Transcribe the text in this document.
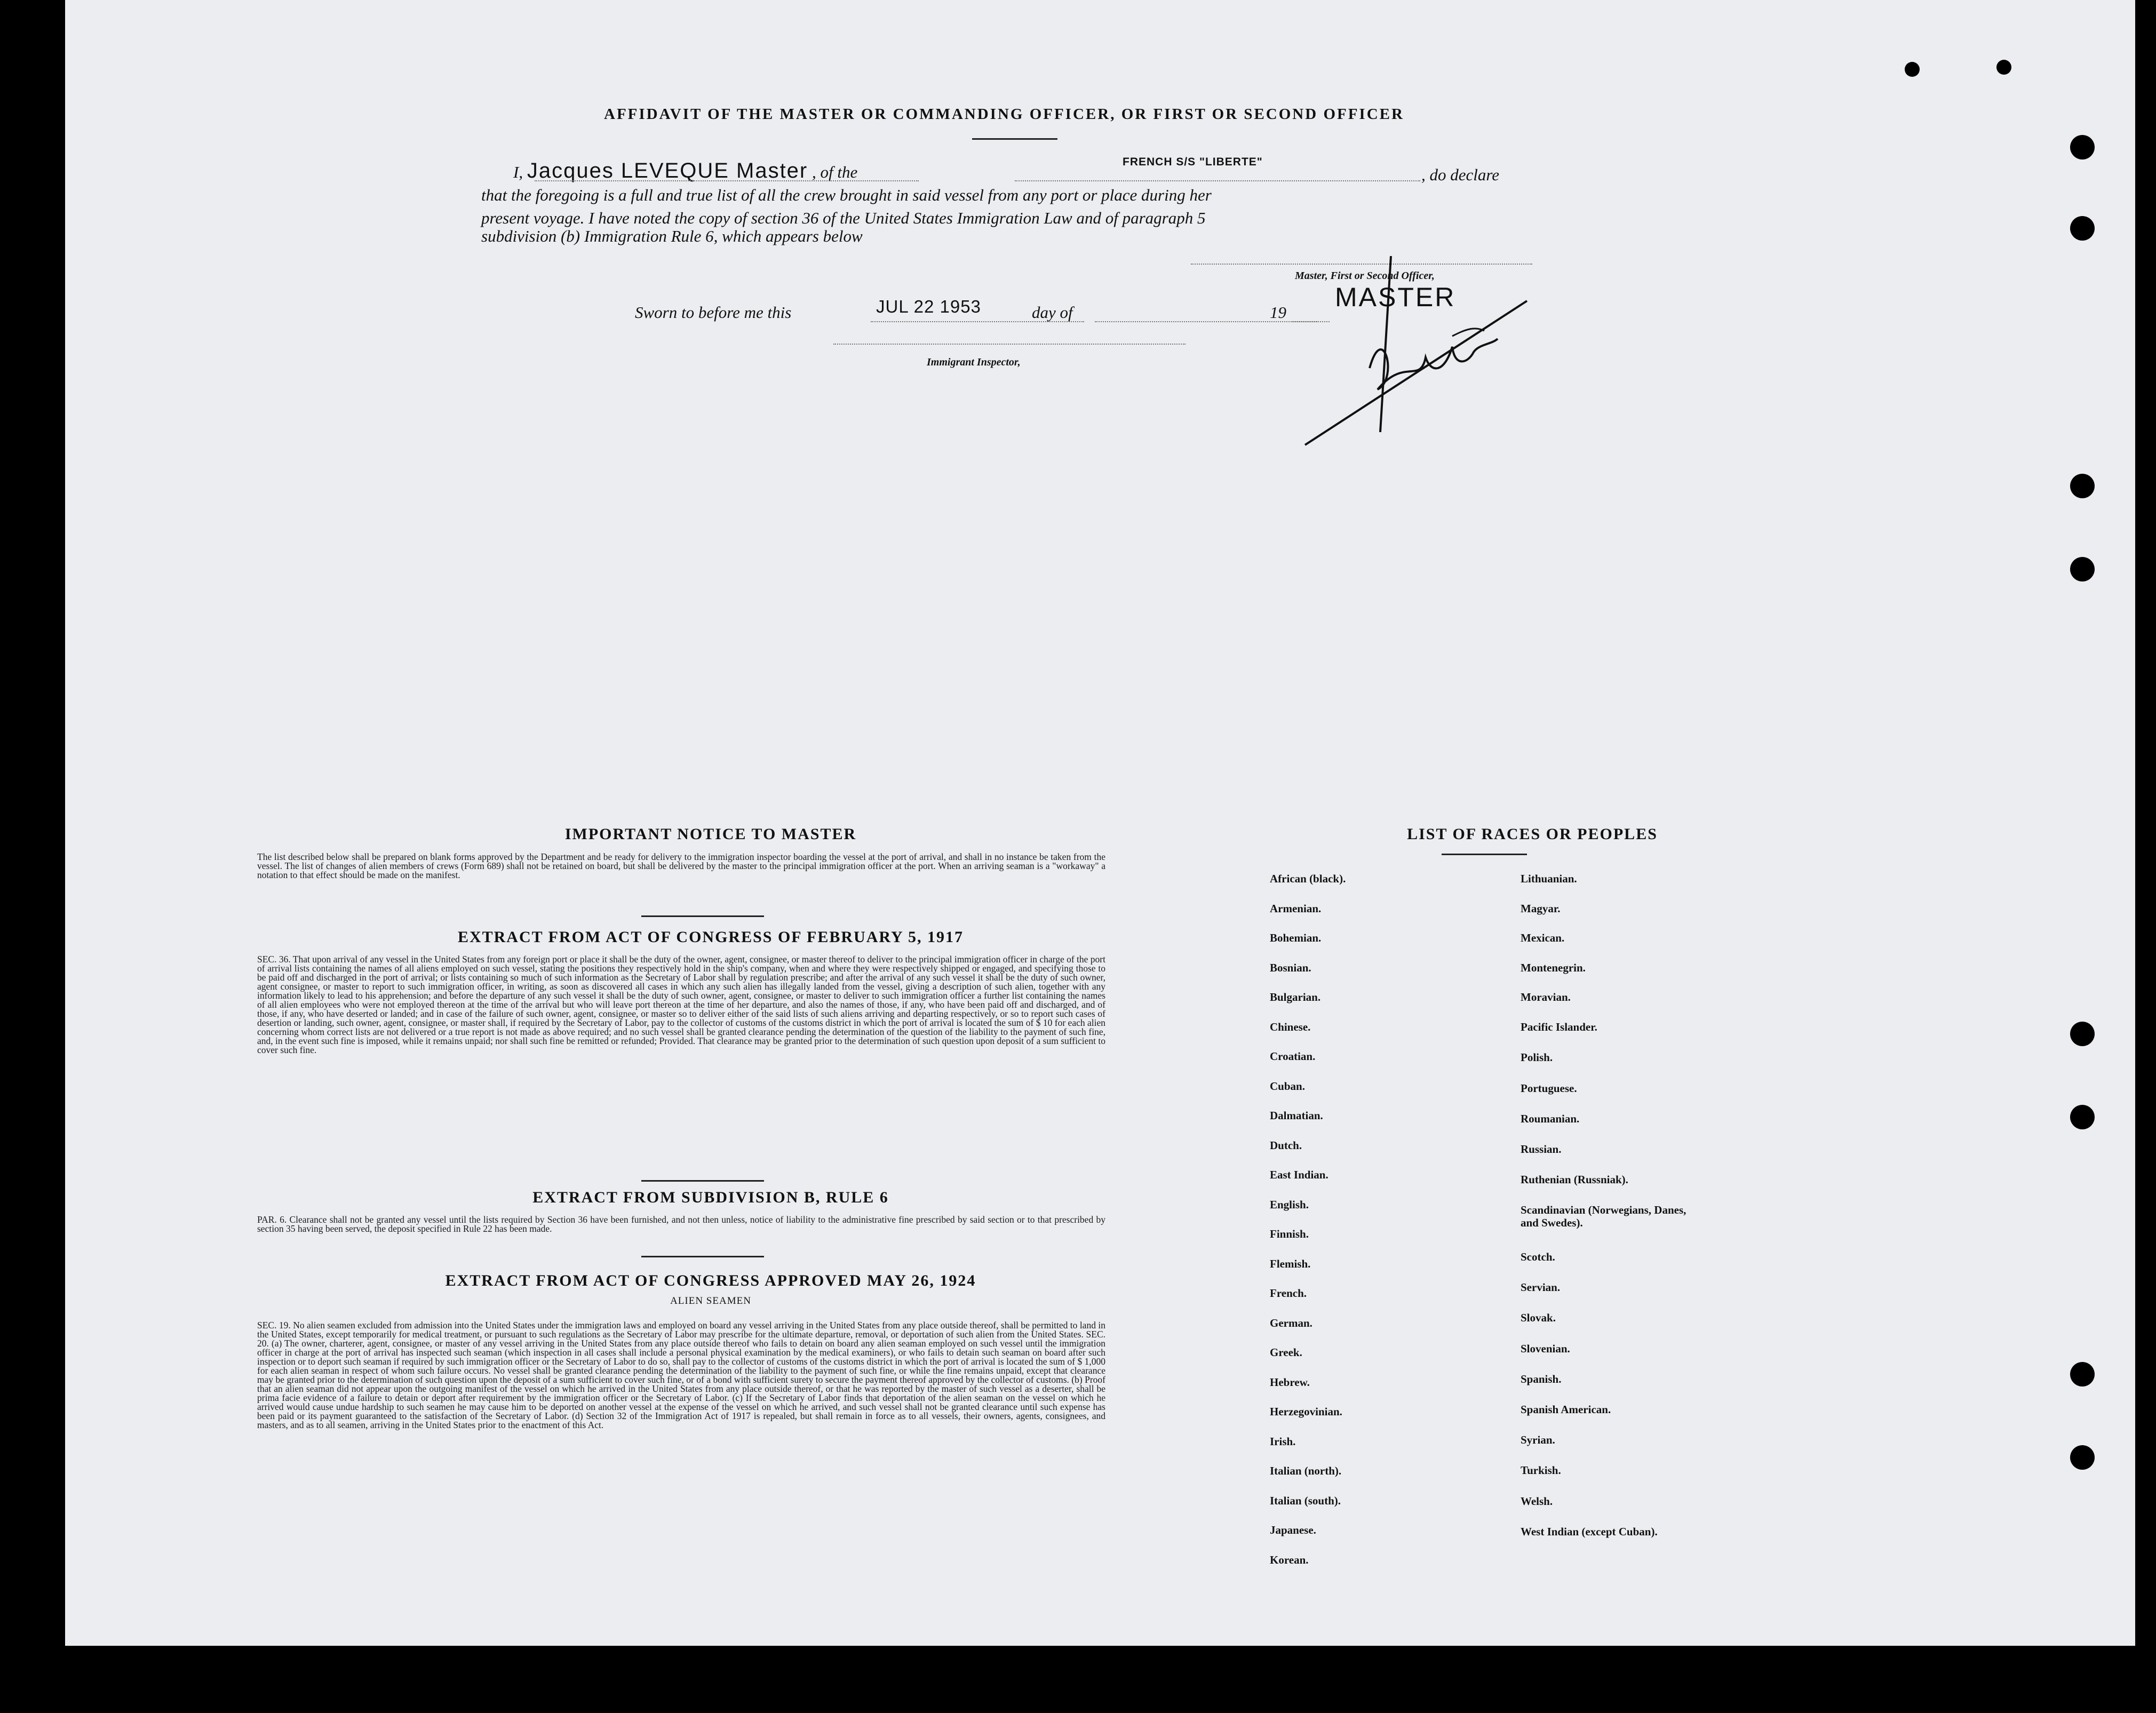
AFFIDAVIT OF THE MASTER OR COMMANDING OFFICER, OR FIRST OR SECOND OFFICER
I, Jacques LEVEQUE Master , of the
FRENCH S/S "LIBERTE"
, do declare
that the foregoing is a full and true list of all the crew brought in said vessel from any port or place during her
present voyage. I have noted the copy of section 36 of the United States Immigration Law and of paragraph 5
subdivision (b) Immigration Rule 6, which appears below
Master, First or Second Officer,
MASTER
Sworn to before me this	JUL 22 1953	day of	19
Immigrant Inspector,
IMPORTANT NOTICE TO MASTER
The list described below shall be prepared on blank forms approved by the Department and be ready for delivery to the immigration inspector boarding the vessel at the port of arrival, and shall in no instance be taken from the vessel. The list of changes of alien members of crews (Form 689) shall not be retained on board, but shall be delivered by the master to the principal immigration officer at the port. When an arriving seaman is a "workaway" a notation to that effect should be made on the manifest.
EXTRACT FROM ACT OF CONGRESS OF FEBRUARY 5, 1917
SEC. 36. That upon arrival of any vessel in the United States from any foreign port or place it shall be the duty of the owner, agent, consignee, or master thereof to deliver to the principal immigration officer in charge of the port of arrival lists containing the names of all aliens employed on such vessel, stating the positions they respectively hold in the ship's company, when and where they were respectively shipped or engaged, and specifying those to be paid off and discharged in the port of arrival; or lists containing so much of such information as the Secretary of Labor shall by regulation prescribe; and after the arrival of any such vessel it shall be the duty of such owner, agent consignee, or master to report to such immigration officer, in writing, as soon as discovered all cases in which any such alien has illegally landed from the vessel, giving a description of such alien, together with any information likely to lead to his apprehension; and before the departure of any such vessel it shall be the duty of such owner, agent, consignee, or master to deliver to such immigration officer a further list containing the names of all alien employees who were not employed thereon at the time of the arrival but who will leave port thereon at the time of her departure, and also the names of those, if any, who have been paid off and discharged, and of those, if any, who have deserted or landed; and in case of the failure of such owner, agent, consignee, or master so to deliver either of the said lists of such aliens arriving and departing respectively, or so to report such cases of desertion or landing, such owner, agent, consignee, or master shall, if required by the Secretary of Labor, pay to the collector of customs of the customs district in which the port of arrival is located the sum of $ 10 for each alien concerning whom correct lists are not delivered or a true report is not made as above required; and no such vessel shall be granted clearance pending the determination of the question of the liability to the payment of such fine, and, in the event such fine is imposed, while it remains unpaid; nor shall such fine be remitted or refunded; Provided. That clearance may be granted prior to the determination of such question upon deposit of a sum sufficient to cover such fine.
EXTRACT FROM SUBDIVISION B, RULE 6
PAR. 6. Clearance shall not be granted any vessel until the lists required by Section 36 have been furnished, and not then unless, notice of liability to the administrative fine prescribed by said section or to that prescribed by section 35 having been served, the deposit specified in Rule 22 has been made.
EXTRACT FROM ACT OF CONGRESS APPROVED MAY 26, 1924
ALIEN SEAMEN
SEC. 19. No alien seamen excluded from admission into the United States under the immigration laws and employed on board any vessel arriving in the United States from any place outside thereof, shall be permitted to land in the United States, except temporarily for medical treatment, or pursuant to such regulations as the Secretary of Labor may prescribe for the ultimate departure, removal, or deportation of such alien from the United States. SEC. 20. (a) The owner, charterer, agent, consignee, or master of any vessel arriving in the United States from any place outside thereof who fails to detain on board any alien seaman employed on such vessel until the immigration officer in charge at the port of arrival has inspected such seaman (which inspection in all cases shall include a personal physical examination by the medical examiners), or who fails to detain such seaman on board after such inspection or to deport such seaman if required by such immigration officer or the Secretary of Labor to do so, shall pay to the collector of customs of the customs district in which the port of arrival is located the sum of $ 1,000 for each alien seaman in respect of whom such failure occurs. No vessel shall be granted clearance pending the determination of the liability to the payment of such fine, or while the fine remains unpaid, except that clearance may be granted prior to the determination of such question upon the deposit of a sum sufficient to cover such fine, or of a bond with sufficient surety to secure the payment thereof approved by the collector of customs. (b) Proof that an alien seaman did not appear upon the outgoing manifest of the vessel on which he arrived in the United States from any place outside thereof, or that he was reported by the master of such vessel as a deserter, shall be prima facie evidence of a failure to detain or deport after requirement by the immigration officer or the Secretary of Labor. (c) If the Secretary of Labor finds that deportation of the alien seaman on the vessel on which he arrived would cause undue hardship to such seamen he may cause him to be deported on another vessel at the expense of the vessel on which he arrived, and such vessel shall not be granted clearance until such expense has been paid or its payment guaranteed to the satisfaction of the Secretary of Labor. (d) Section 32 of the Immigration Act of 1917 is repealed, but shall remain in force as to all vessels, their owners, agents, consignees, and masters, and as to all seamen, arriving in the United States prior to the enactment of this Act.
LIST OF RACES OR PEOPLES
African (black).
Armenian.
Bohemian.
Bosnian.
Bulgarian.
Chinese.
Croatian.
Cuban.
Dalmatian.
Dutch.
East Indian.
English.
Finnish.
Flemish.
French.
German.
Greek.
Hebrew.
Herzegovinian.
Irish.
Italian (north).
Italian (south).
Japanese.
Korean.
Lithuanian.
Magyar.
Mexican.
Montenegrin.
Moravian.
Pacific Islander.
Polish.
Portuguese.
Roumanian.
Russian.
Ruthenian (Russniak).
Scandinavian (Norwegians, Danes, and Swedes).
Scotch.
Servian.
Slovak.
Slovenian.
Spanish.
Spanish American.
Syrian.
Turkish.
Welsh.
West Indian (except Cuban).
